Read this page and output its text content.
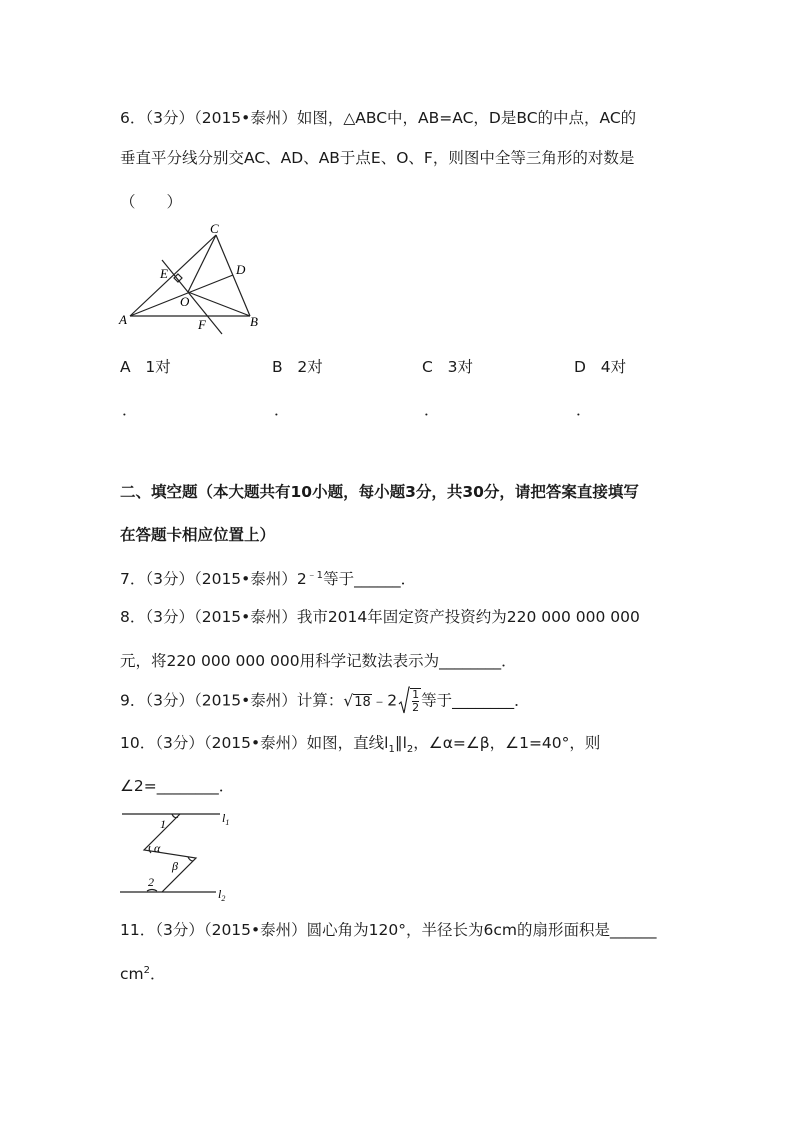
6．（3分）（2015•泰州）如图，△ABC中，AB=AC，D是BC的中点，AC的
垂直平分线分别交AC、AD、AB于点E、O、F，则图中全等三角形的对数是
（　　）
C
D
E
O
A	F	B
A 1对	B 2对	C 3对	D 4对
．	．	．	．
二、填空题（本大题共有10小题，每小题3分，共30分，请把答案直接填写
在答题卡相应位置上）
7．（3分）（2015•泰州）$2^{﹣1}$等于______．
8．（3分）（2015•泰州）我市2014年固定资产投资约为220 000 000 000
元，将220 000 000 000用科学记数法表示为________．
9．（3分）（2015•泰州）计算：√18﹣2 $\frac{1}{2}$ 等于________．
10．（3分）（2015•泰州）如图，直线$l_1\parallel l_2$，∠α=∠β，∠1=40°，则
∠2=________．
1
α
β
2
$l_1$
$l_2$
11．（3分）（2015•泰州）圆心角为120°，半径长为6cm的扇形面积是______
$cm^2$．
